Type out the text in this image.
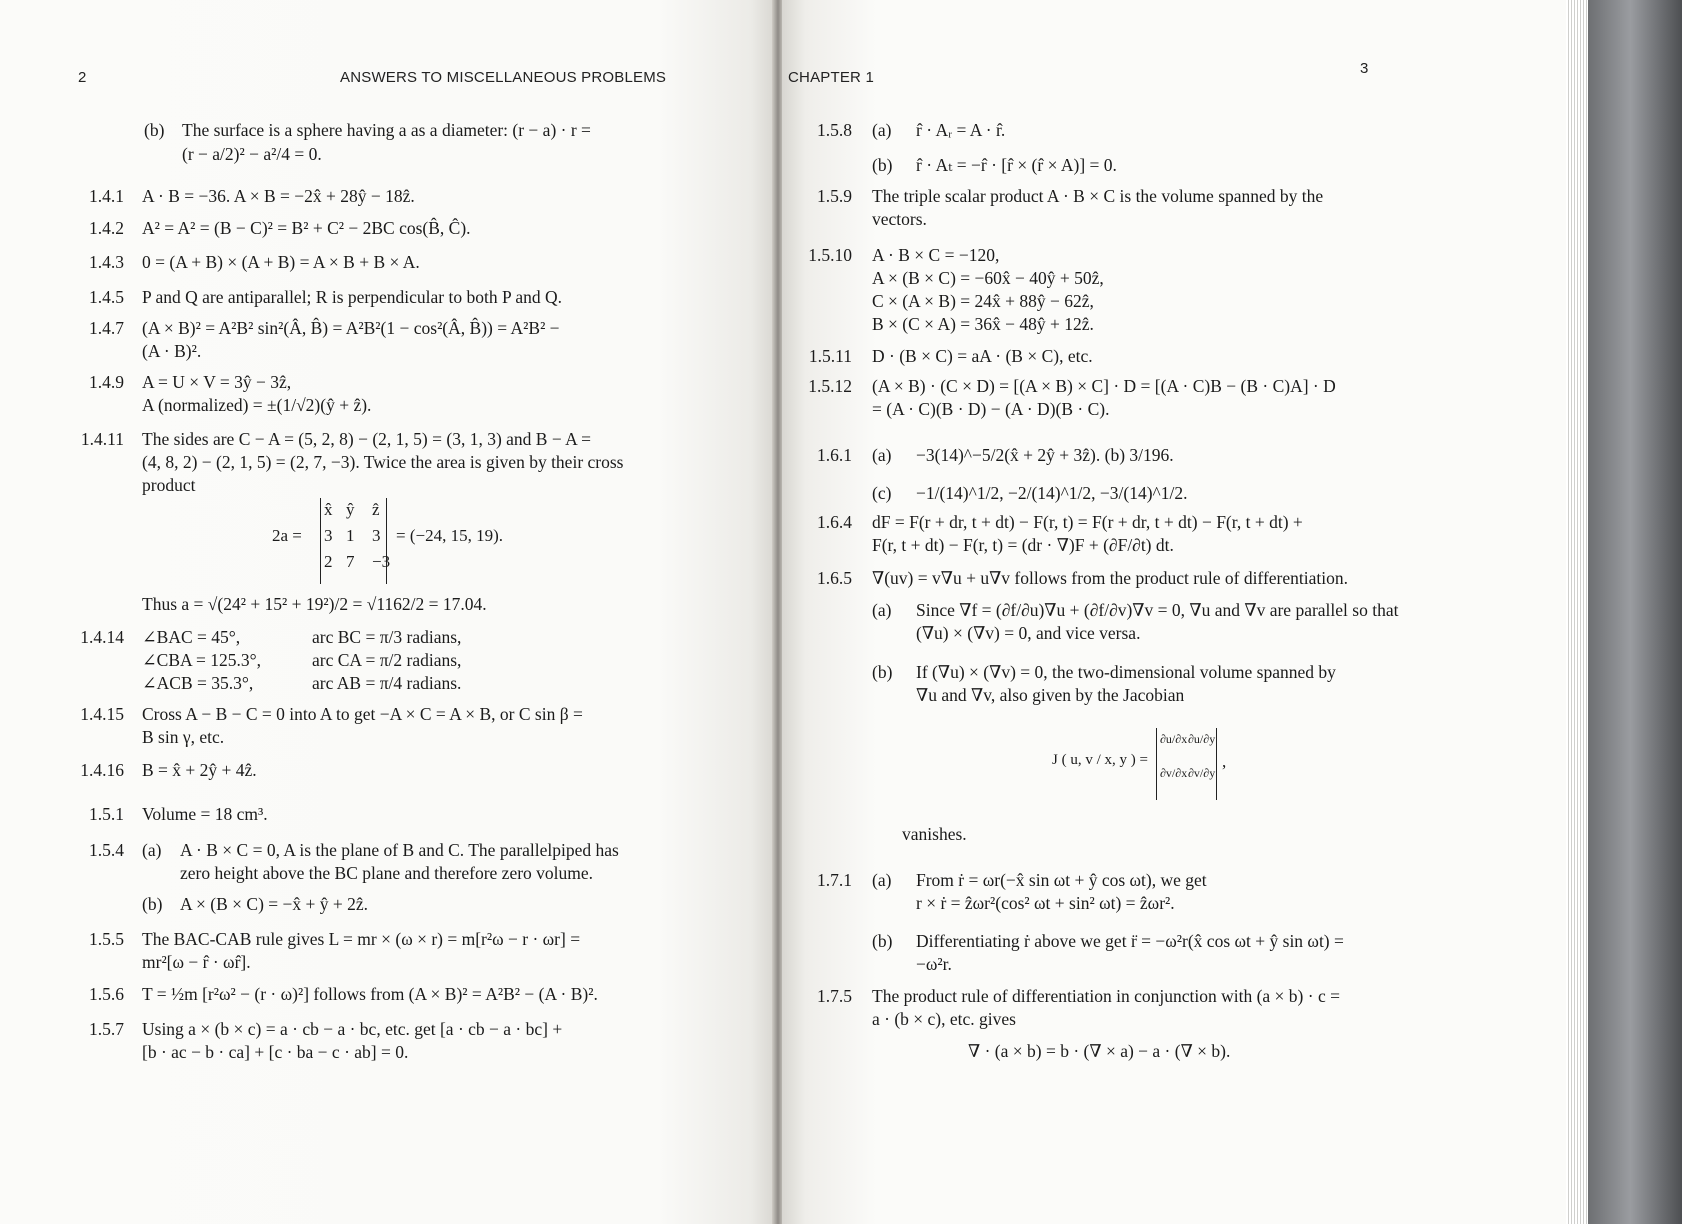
2	ANSWERS TO MISCELLANEOUS PROBLEMS
(b) The surface is a sphere having a as a diameter: (r − a) · r =
(r − a/2)² − a²/4 = 0.
1.4.1 A · B = −36. A × B = −2x̂ + 28ŷ − 18ẑ.
1.4.2 A² = A² = (B − C)² = B² + C² − 2BC cos(B̂, Ĉ).
1.4.3 0 = (A + B) × (A + B) = A × B + B × A.
1.4.5 P and Q are antiparallel; R is perpendicular to both P and Q.
1.4.7 (A × B)² = A²B² sin²(Â, B̂) = A²B²(1 − cos²(Â, B̂)) = A²B² −
(A · B)².
1.4.9 A = U × V = 3ŷ − 3ẑ,
A (normalized) = ±(1/√2)(ŷ + ẑ).
1.4.11 The sides are C − A = (5, 2, 8) − (2, 1, 5) = (3, 1, 3) and B − A =
(4, 8, 2) − (2, 1, 5) = (2, 7, −3). Twice the area is given by their cross
product
1.4.14 ∠BAC = 45°,
∠CBA = 125.3°,
∠ACB = 35.3°,
arc BC = π/3 radians,
arc CA = π/2 radians,
arc AB = π/4 radians.
1.4.15 Cross A − B − C = 0 into A to get −A × C = A × B, or C sin β =
B sin γ, etc.
1.4.16 B = x̂ + 2ŷ + 4ẑ.
1.5.1 Volume = 18 cm³.
1.5.4 (a) A · B × C = 0, A is the plane of B and C. The parallelpiped has
zero height above the BC plane and therefore zero volume.
(b) A × (B × C) = −x̂ + ŷ + 2ẑ.
1.5.5 The BAC-CAB rule gives L = mr × (ω × r) = m[r²ω − r · ωr] =
mr²[ω − r̂ · ωr̂].
1.5.6 T = ½m [r²ω² − (r · ω)²] follows from (A × B)² = A²B² − (A · B)².
1.5.7 Using a × (b × c) = a · cb − a · bc, etc. get [a · cb − a · bc] +
[b · ac − b · ca] + [c · ba − c · ab] = 0.
2a =
x̂ ŷ ẑ
3 1 3
2 7 −3
= (−24, 15, 19).
Thus a = √(24² + 15² + 19²)/2 = √1162/2 = 17.04.
CHAPTER 1
3
1.5.8 (a) r̂ · Aᵣ = A · r̂.
(b) r̂ · Aₜ = −r̂ · [r̂ × (r̂ × A)] = 0.
1.5.9 The triple scalar product A · B × C is the volume spanned by the
vectors.
1.5.10 A · B × C = −120,
A × (B × C) = −60x̂ − 40ŷ + 50ẑ,
C × (A × B) = 24x̂ + 88ŷ − 62ẑ,
B × (C × A) = 36x̂ − 48ŷ + 12ẑ.
1.5.11 D · (B × C) = aA · (B × C), etc.
1.5.12 (A × B) · (C × D) = [(A × B) × C] · D = [(A · C)B − (B · C)A] · D
= (A · C)(B · D) − (A · D)(B · C).
1.6.1 (a) −3(14)^−5/2(x̂ + 2ŷ + 3ẑ). (b) 3/196.
(c) −1/(14)^1/2, −2/(14)^1/2, −3/(14)^1/2.
1.6.4 dF = F(r + dr, t + dt) − F(r, t) = F(r + dr, t + dt) − F(r, t + dt) +
F(r, t + dt) − F(r, t) = (dr · ∇)F + (∂F/∂t) dt.
1.6.5 ∇(uv) = v∇u + u∇v follows from the product rule of differentiation.
(a) Since ∇f = (∂f/∂u)∇u + (∂f/∂v)∇v = 0, ∇u and ∇v are parallel so that
(∇u) × (∇v) = 0, and vice versa.
(b) If (∇u) × (∇v) = 0, the two-dimensional volume spanned by
∇u and ∇v, also given by the Jacobian
1.7.1 (a) From ṙ = ωr(−x̂ sin ωt + ŷ cos ωt), we get
r × ṙ = ẑωr²(cos² ωt + sin² ωt) = ẑωr².
(b) Differentiating ṙ above we get r̈ = −ω²r(x̂ cos ωt + ŷ sin ωt) =
−ω²r.
1.7.5 The product rule of differentiation in conjunction with (a × b) · c =
a · (b × c), etc. gives
J ( u, v / x, y ) =
∂u/∂x ∂u/∂y
∂v/∂x ∂v/∂y
,
vanishes.
∇ · (a × b) = b · (∇ × a) − a · (∇ × b).
